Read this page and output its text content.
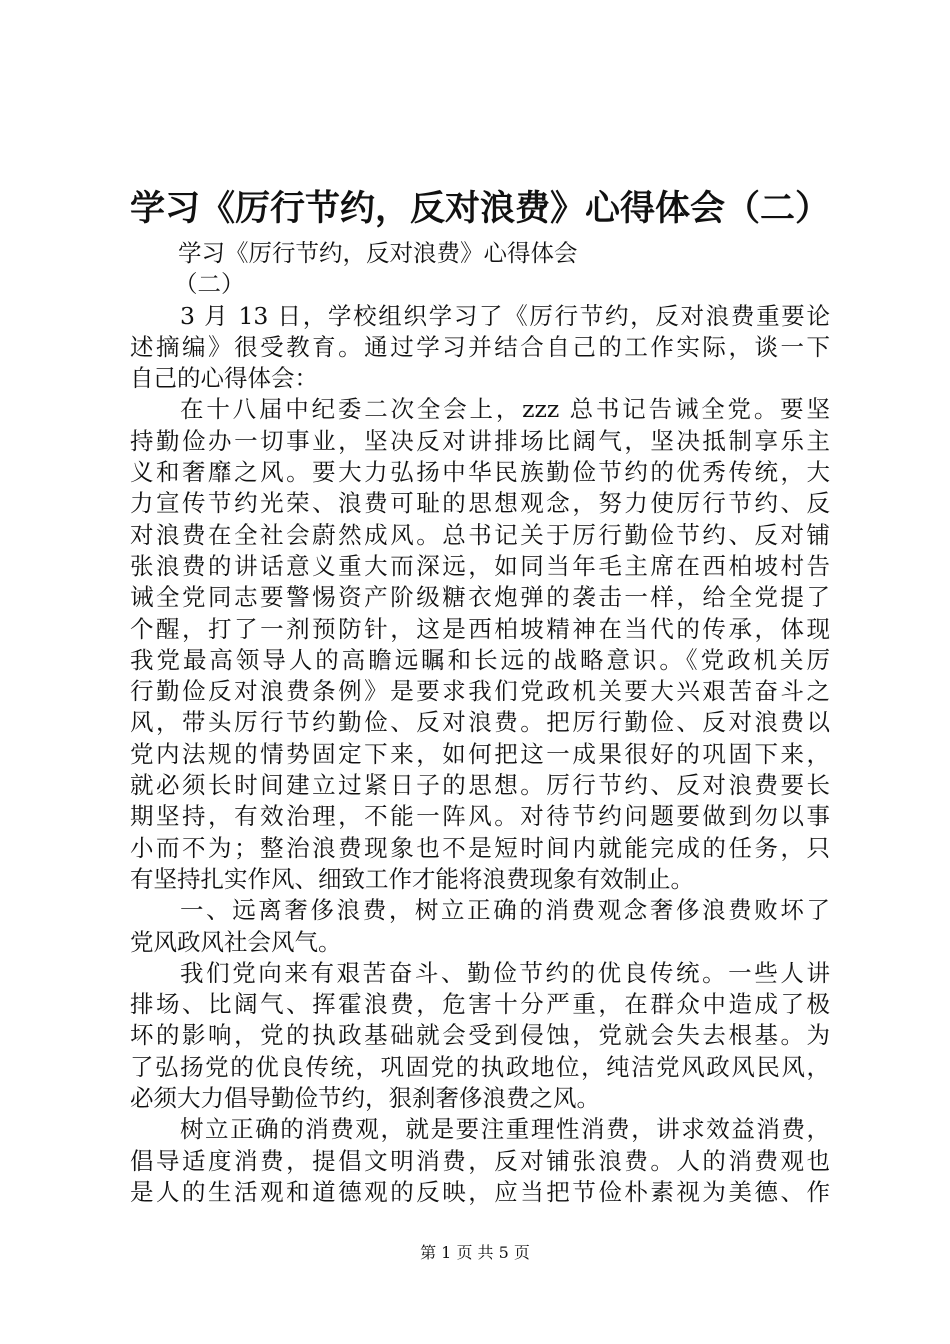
学习《厉行节约，反对浪费》心得体会（二）
学习《厉行节约，反对浪费》心得体会
（二）
3 月 13 日，学校组织学习了《厉行节约，反对浪费重要论
述摘编》很受教育。通过学习并结合自己的工作实际，谈一下
自己的心得体会：
在十八届中纪委二次全会上，zzz 总书记告诫全党。要坚
持勤俭办一切事业，坚决反对讲排场比阔气，坚决抵制享乐主
义和奢靡之风。要大力弘扬中华民族勤俭节约的优秀传统，大
力宣传节约光荣、浪费可耻的思想观念，努力使厉行节约、反
对浪费在全社会蔚然成风。总书记关于厉行勤俭节约、反对铺
张浪费的讲话意义重大而深远，如同当年毛主席在西柏坡村告
诫全党同志要警惕资产阶级糖衣炮弹的袭击一样，给全党提了
个醒，打了一剂预防针，这是西柏坡精神在当代的传承，体现
我党最高领导人的高瞻远瞩和长远的战略意识。《党政机关厉
行勤俭反对浪费条例》是要求我们党政机关要大兴艰苦奋斗之
风，带头厉行节约勤俭、反对浪费。把厉行勤俭、反对浪费以
党内法规的情势固定下来，如何把这一成果很好的巩固下来，
就必须长时间建立过紧日子的思想。厉行节约、反对浪费要长
期坚持，有效治理，不能一阵风。对待节约问题要做到勿以事
小而不为；整治浪费现象也不是短时间内就能完成的任务，只
有坚持扎实作风、细致工作才能将浪费现象有效制止。
一、远离奢侈浪费，树立正确的消费观念奢侈浪费败坏了
党风政风社会风气。
我们党向来有艰苦奋斗、勤俭节约的优良传统。一些人讲
排场、比阔气、挥霍浪费，危害十分严重，在群众中造成了极
坏的影响，党的执政基础就会受到侵蚀，党就会失去根基。为
了弘扬党的优良传统，巩固党的执政地位，纯洁党风政风民风，
必须大力倡导勤俭节约，狠刹奢侈浪费之风。
树立正确的消费观，就是要注重理性消费，讲求效益消费，
倡导适度消费，提倡文明消费，反对铺张浪费。人的消费观也
是人的生活观和道德观的反映，应当把节俭朴素视为美德、作
第 1 页 共 5 页
